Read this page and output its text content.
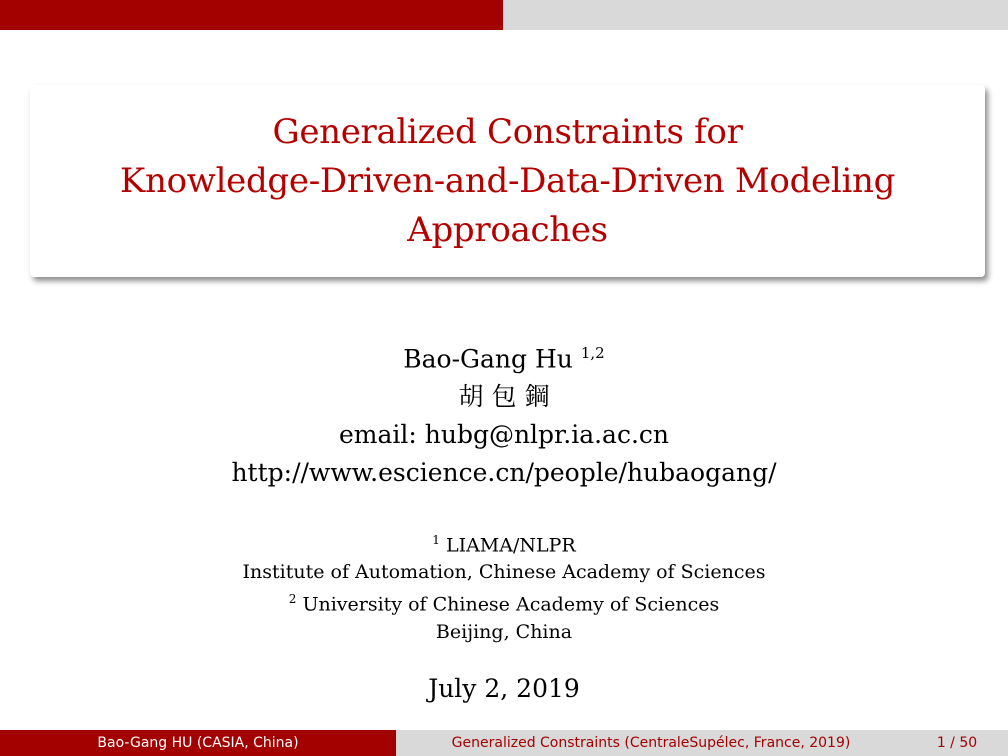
Generalized Constraints for
Knowledge-Driven-and-Data-Driven Modeling
Approaches
Bao-Gang Hu $^{1,2}$
胡 包 鋼
email: hubg@nlpr.ia.ac.cn
http://www.escience.cn/people/hubaogang/
$^1$ LIAMA/NLPR
Institute of Automation, Chinese Academy of Sciences
$^2$ University of Chinese Academy of Sciences
Beijing, China
July 2, 2019
Bao-Gang HU (CASIA, China)	Generalized Constraints (CentraleSupélec, France, 2019)	1 / 50
